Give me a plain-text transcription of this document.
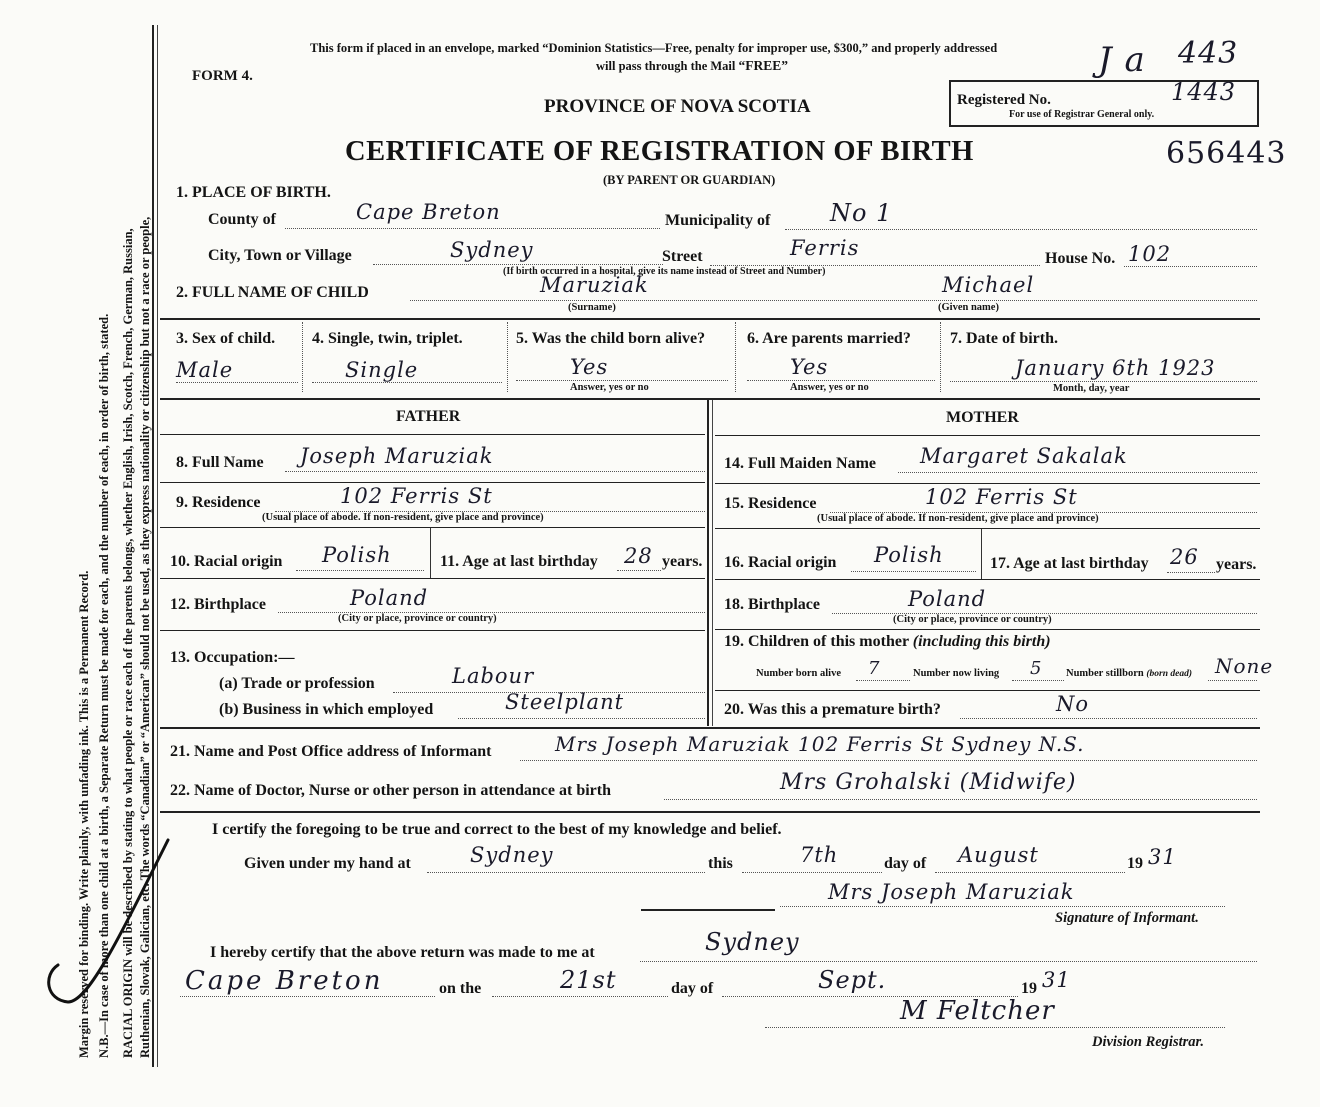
Margin reserved for binding. Write plainly, with unfading ink. This is a Permanent Record. N.B.—In case of more than one child at a birth, a Separate Return must be made for each, and the number of each, in order of birth, stated. RACIAL ORIGIN will be described by stating to what people or race each of the parents belongs, whether English, Irish, Scotch, French, German, Russian, Ruthenian, Slovak, Galician, etc. The words “Canadian” or “American” should not be used, as they express nationality or citizenship but not a race or people,
This form if placed in an envelope, marked “Dominion Statistics—Free, penalty for improper use, $300,” and properly addressed
will pass through the Mail “FREE”
FORM 4.
PROVINCE OF NOVA SCOTIA
CERTIFICATE OF REGISTRATION OF BIRTH
(BY PARENT OR GUARDIAN)
Registered No.
For use of Registrar General only.
1443
J a 443
656443
1. PLACE OF BIRTH.
County of	Cape Breton	Municipality of No 1
City, Town or Village	Sydney	Street	Ferris
(If birth occurred in a hospital, give its name instead of Street and Number)
House No. 102
2. FULL NAME OF CHILD	Maruziak
(Surname)
Michael
(Given name)
3. Sex of child.
Male
4. Single, twin, triplet.
Single
5. Was the child born alive?
Yes
Answer, yes or no
6. Are parents married?
Yes
Answer, yes or no
7. Date of birth.
January 6th 1923
Month, day, year
FATHER
8. Full Name Joseph Maruziak
9. Residence	102 Ferris St
(Usual place of abode. If non-resident, give place and province)
10. Racial origin Polish	11. Age at last birthday 28 years.
12. Birthplace	Poland
(City or place, province or country)
13. Occupation:—
(a) Trade or profession	Labour
(b) Business in which employed	Steelplant
MOTHER
14. Full Maiden Name Margaret Sakalak
15. Residence	102 Ferris St
(Usual place of abode. If non-resident, give place and province)
16. Racial origin Polish	17. Age at last birthday 26 years.
18. Birthplace	Poland
(City or place, province or country)
19. Children of this mother (including this birth)
Number born alive 7	Number now living 5 Number stillborn (born dead) None
20. Was this a premature birth?	No
21. Name and Post Office address of Informant	Mrs Joseph Maruziak 102 Ferris St Sydney N.S.
22. Name of Doctor, Nurse or other person in attendance at birth	Mrs Grohalski (Midwife)
I certify the foregoing to be true and correct to the best of my knowledge and belief.
Given under my hand at	Sydney	this	7th	day of August	19 31
Mrs Joseph Maruziak
Signature of Informant.
I hereby certify that the above return was made to me at	Sydney
Cape Breton	on the	21st	day of	Sept.	19 31
M Feltcher
Division Registrar.
